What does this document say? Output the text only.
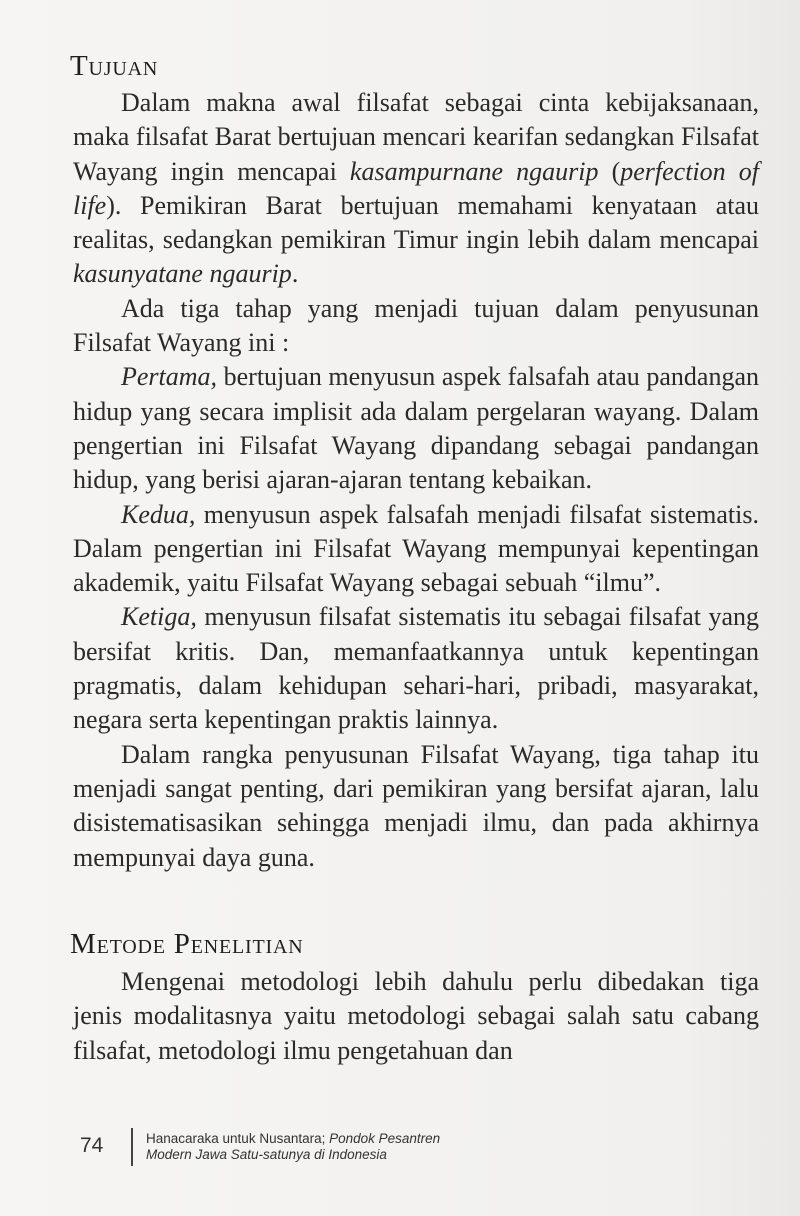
Tujuan

Dalam makna awal filsafat sebagai cinta kebijaksanaan, maka filsafat Barat bertujuan mencari kearifan sedangkan Filsafat Wayang ingin mencapai kasampurnane ngaurip (perfection of life). Pemikiran Barat bertujuan memahami kenyataan atau realitas, sedangkan pemikiran Timur ingin lebih dalam mencapai kasunyatane ngaurip.

Ada tiga tahap yang menjadi tujuan dalam penyusunan Filsafat Wayang ini :

Pertama, bertujuan menyusun aspek falsafah atau pandangan hidup yang secara implisit ada dalam pergelaran wayang. Dalam pengertian ini Filsafat Wayang dipandang sebagai pandangan hidup, yang berisi ajaran-ajaran tentang kebaikan.

Kedua, menyusun aspek falsafah menjadi filsafat sistematis. Dalam pengertian ini Filsafat Wayang mempunyai kepentingan akademik, yaitu Filsafat Wayang sebagai sebuah “ilmu”.

Ketiga, menyusun filsafat sistematis itu sebagai filsafat yang bersifat kritis. Dan, memanfaatkannya untuk kepentingan pragmatis, dalam kehidupan sehari-hari, pribadi, masyarakat, negara serta kepentingan praktis lainnya.

Dalam rangka penyusunan Filsafat Wayang, tiga tahap itu menjadi sangat penting, dari pemikiran yang bersifat ajaran, lalu disistematisasikan sehingga menjadi ilmu, dan pada akhirnya mempunyai daya guna.

Metode Penelitian

Mengenai metodologi lebih dahulu perlu dibedakan tiga jenis modalitasnya yaitu metodologi sebagai salah satu cabang filsafat, metodologi ilmu pengetahuan dan

74	Hanacaraka untuk Nusantara; Pondok Pesantren
Modern Jawa Satu-satunya di Indonesia
